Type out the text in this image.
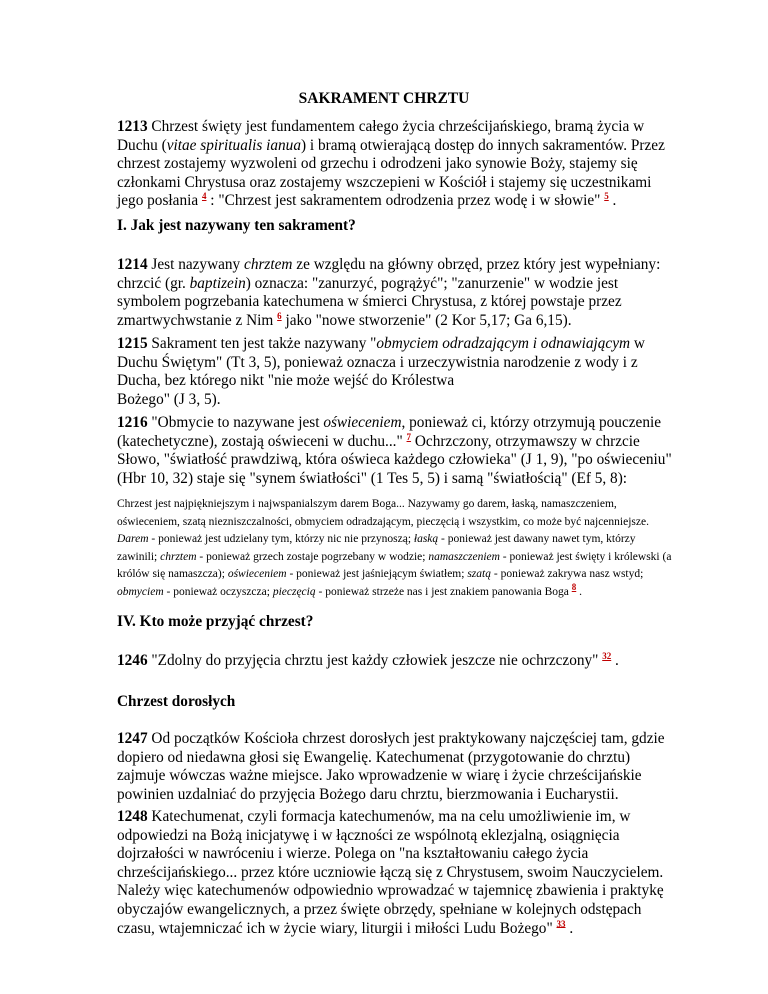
SAKRAMENT CHRZTU

1213 Chrzest święty jest fundamentem całego życia chrześcijańskiego, bramą życia w Duchu (vitae spiritualis ianua) i bramą otwierającą dostęp do innych sakramentów. Przez chrzest zostajemy wyzwoleni od grzechu i odrodzeni jako synowie Boży, stajemy się członkami Chrystusa oraz zostajemy wszczepieni w Kościół i stajemy się uczestnikami jego posłania $^4$ : "Chrzest jest sakramentem odrodzenia przez wodę i w słowie" $^5$ .

I. Jak jest nazywany ten sakrament?

1214 Jest nazywany chrztem ze względu na główny obrzęd, przez który jest wypełniany: chrzcić (gr. baptizein) oznacza: "zanurzyć, pogrążyć"; "zanurzenie" w wodzie jest symbolem pogrzebania katechumena w śmierci Chrystusa, z której powstaje przez zmartwychwstanie z Nim $^6$ jako "nowe stworzenie" (2 Kor 5,17; Ga 6,15).

1215 Sakrament ten jest także nazywany "obmyciem odradzającym i odnawiającym w Duchu Świętym" (Tt 3, 5), ponieważ oznacza i urzeczywistnia narodzenie z wody i z Ducha, bez którego nikt "nie może wejść do Królestwa
Bożego" (J 3, 5).

1216 "Obmycie to nazywane jest oświeceniem, ponieważ ci, którzy otrzymują pouczenie (katechetyczne), zostają oświeceni w duchu..." $^7$ Ochrzczony, otrzymawszy w chrzcie Słowo, "światłość prawdziwą, która oświeca każdego człowieka" (J 1, 9), "po oświeceniu" (Hbr 10, 32) staje się "synem światłości" (1 Tes 5, 5) i samą "światłością" (Ef 5, 8):

Chrzest jest najpiękniejszym i najwspanialszym darem Boga... Nazywamy go darem, łaską, namaszczeniem, oświeceniem, szatą niezniszczalności, obmyciem odradzającym, pieczęcią i wszystkim, co może być najcenniejsze. Darem - ponieważ jest udzielany tym, którzy nic nie przynoszą; łaską - ponieważ jest dawany nawet tym, którzy zawinili; chrztem - ponieważ grzech zostaje pogrzebany w wodzie; namaszczeniem - ponieważ jest święty i królewski (a królów się namaszcza); oświeceniem - ponieważ jest jaśniejącym światłem; szatą - ponieważ zakrywa nasz wstyd; obmyciem - ponieważ oczyszcza; pieczęcią - ponieważ strzeże nas i jest znakiem panowania Boga $^8$ .

IV. Kto może przyjąć chrzest?

1246 "Zdolny do przyjęcia chrztu jest każdy człowiek jeszcze nie ochrzczony" $^{32}$ .

Chrzest dorosłych

1247 Od początków Kościoła chrzest dorosłych jest praktykowany najczęściej tam, gdzie dopiero od niedawna głosi się Ewangelię. Katechumenat (przygotowanie do chrztu) zajmuje wówczas ważne miejsce. Jako wprowadzenie w wiarę i życie chrześcijańskie powinien uzdalniać do przyjęcia Bożego daru chrztu, bierzmowania i Eucharystii.

1248 Katechumenat, czyli formacja katechumenów, ma na celu umożliwienie im, w odpowiedzi na Bożą inicjatywę i w łączności ze wspólnotą eklezjalną, osiągnięcia dojrzałości w nawróceniu i wierze. Polega on "na kształtowaniu całego życia chrześcijańskiego... przez które uczniowie łączą się z Chrystusem, swoim Nauczycielem. Należy więc katechumenów odpowiednio wprowadzać w tajemnicę zbawienia i praktykę obyczajów ewangelicznych, a przez święte obrzędy, spełniane w kolejnych odstępach czasu, wtajemniczać ich w życie wiary, liturgii i miłości Ludu Bożego" $^{33}$ .
